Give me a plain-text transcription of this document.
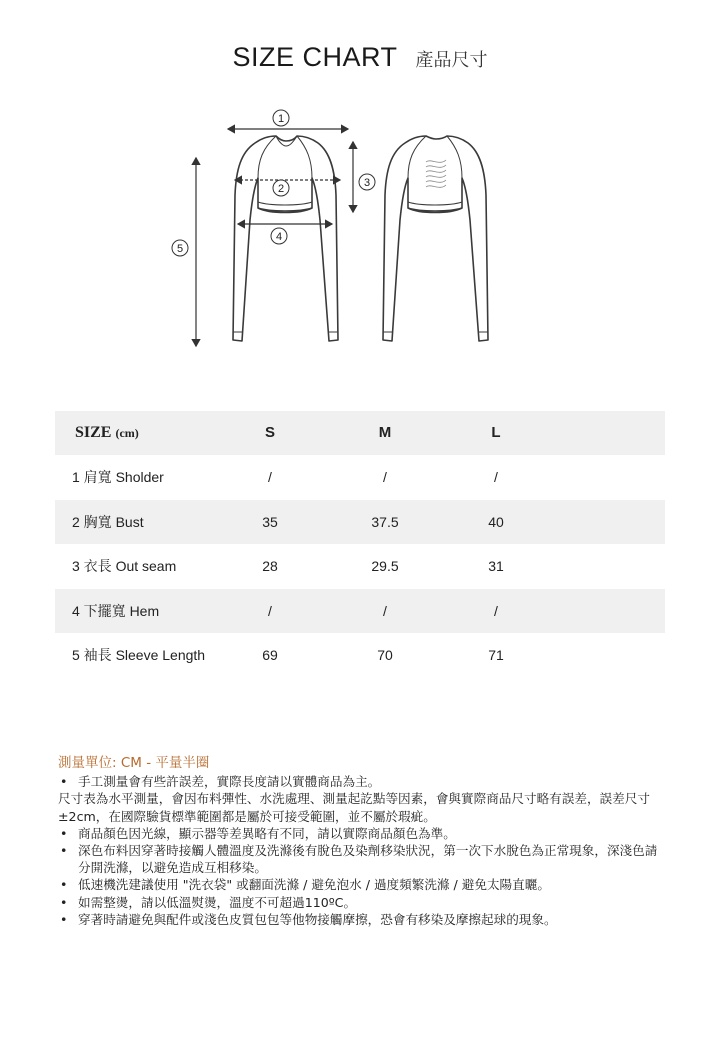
SIZE CHART 產品尺寸
1
2	3
4
5
SIZE (cm)	S	M	L
1 肩寬 Sholder	/	/	/
2 胸寬 Bust	35	37.5	40
3 衣長 Out seam	28	29.5	31
4 下擺寬 Hem	/	/	/
5 袖長 Sleeve Length	69	70	71
測量單位: CM - 平量半圈
• 手工測量會有些許誤差，實際長度請以實體商品為主。
尺寸表為水平測量，會因布料彈性、水洗處理、測量起訖點等因素，會與實際商品尺寸略有誤差，誤差尺寸±2cm，在國際驗貨標準範圍都是屬於可接受範圍，並不屬於瑕疵。
• 商品顏色因光線，顯示器等差異略有不同，請以實際商品顏色為準。
• 深色布料因穿著時接觸人體溫度及洗滌後有脫色及染劑移染狀況，第一次下水脫色為正常現象，深淺色請分開洗滌，以避免造成互相移染。
• 低速機洗建議使用 "洗衣袋" 或翻面洗滌 / 避免泡水 / 過度頻繁洗滌 / 避免太陽直曬。
• 如需整燙，請以低溫熨燙，溫度不可超過110ºC。
• 穿著時請避免與配件或淺色皮質包包等他物接觸摩擦，恐會有移染及摩擦起球的現象。
